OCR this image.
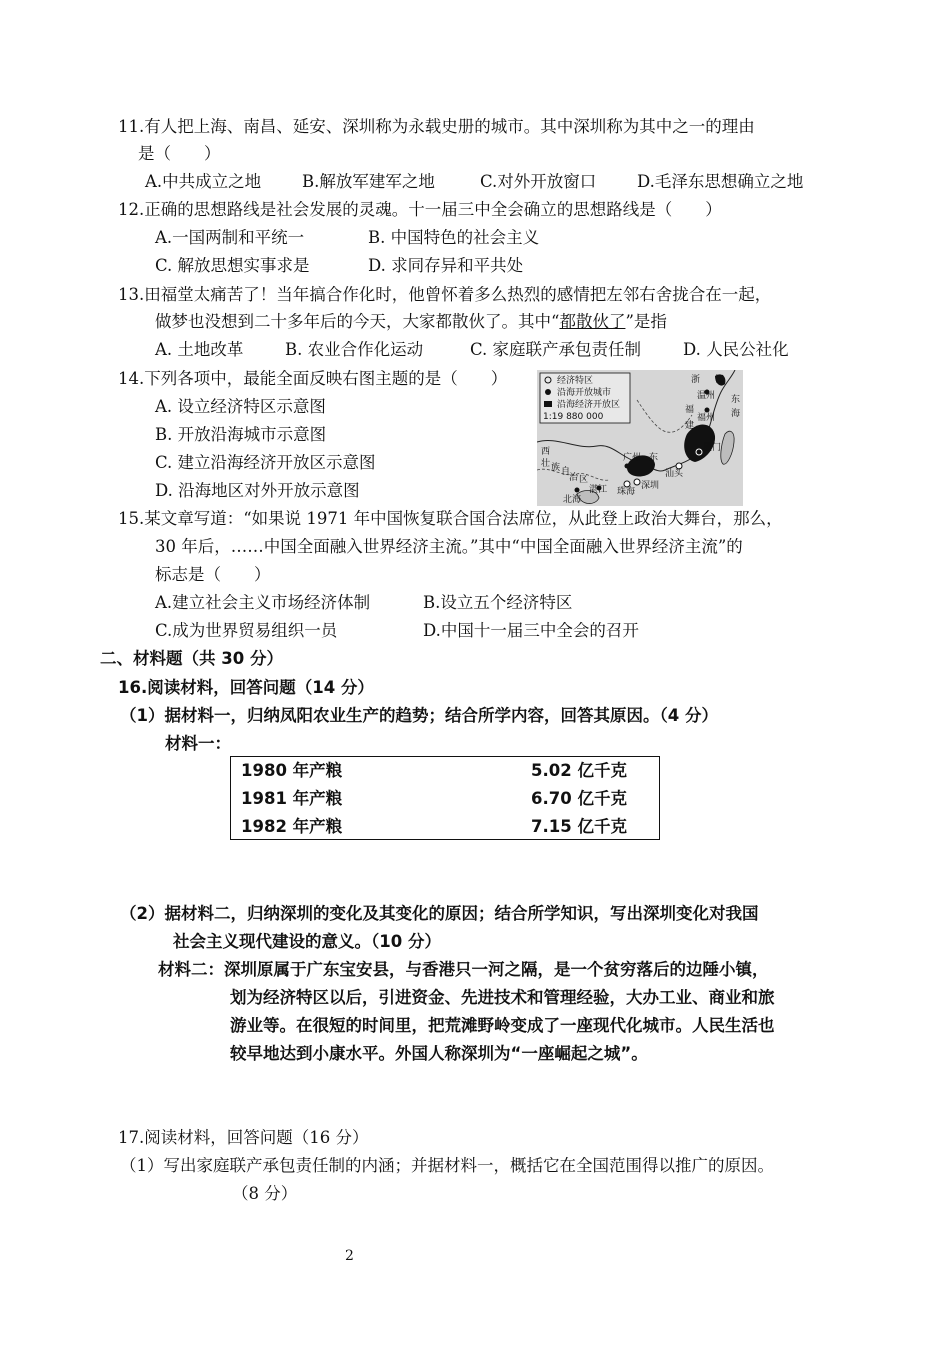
11.有人把上海、南昌、延安、深圳称为永载史册的城市。其中深圳称为其中之一的理由
是（　　）
A.中共成立之地 B.解放军建军之地	C.对外开放窗口 D.毛泽东思想确立之地
12.正确的思想路线是社会发展的灵魂。十一届三中全会确立的思想路线是（　　）
A.一国两制和平统一	B. 中国特色的社会主义
C. 解放思想实事求是	D. 求同存异和平共处
13.田福堂太痛苦了！当年搞合作化时，他曾怀着多么热烈的感情把左邻右舍拢合在一起，
做梦也没想到二十多年后的今天，大家都散伙了。其中“都散伙了”是指
A. 土地改革	B. 农业合作化运动	C. 家庭联产承包责任制	D. 人民公社化
14.下列各项中，最能全面反映右图主题的是（　　）
A. 设立经济特区示意图
B. 开放沿海城市示意图
C. 建立沿海经济开放区示意图
D. 沿海地区对外开放示意图
经济特区
沿海开放城市
沿海经济开放区
1:19 880 000
浙 江
温州 东
海
福
福州
建
厦门
汕头
广州 东
西
壮 族 自
治 区
湛江 珠海
深圳
北海
15.某文章写道：“如果说 1971 年中国恢复联合国合法席位，从此登上政治大舞台，那么，
30 年后，……中国全面融入世界经济主流。”其中“中国全面融入世界经济主流”的
标志是（　　）
A.建立社会主义市场经济体制	B.设立五个经济特区
C.成为世界贸易组织一员	D.中国十一届三中全会的召开
二、材料题（共 30 分）
16.阅读材料，回答问题（14 分）
（1）据材料一，归纳凤阳农业生产的趋势；结合所学内容，回答其原因。（4 分）
材料一：
1980 年产粮	5.02 亿千克
1981 年产粮	6.70 亿千克
1982 年产粮	7.15 亿千克
（2）据材料二，归纳深圳的变化及其变化的原因；结合所学知识，写出深圳变化对我国
社会主义现代建设的意义。（10 分）
材料二：深圳原属于广东宝安县，与香港只一河之隔，是一个贫穷落后的边陲小镇，
划为经济特区以后，引进资金、先进技术和管理经验，大办工业、商业和旅
游业等。在很短的时间里，把荒滩野岭变成了一座现代化城市。人民生活也
较早地达到小康水平。外国人称深圳为“一座崛起之城”。
17.阅读材料，回答问题（16 分）
（1）写出家庭联产承包责任制的内涵；并据材料一，概括它在全国范围得以推广的原因。
（8 分）
2
